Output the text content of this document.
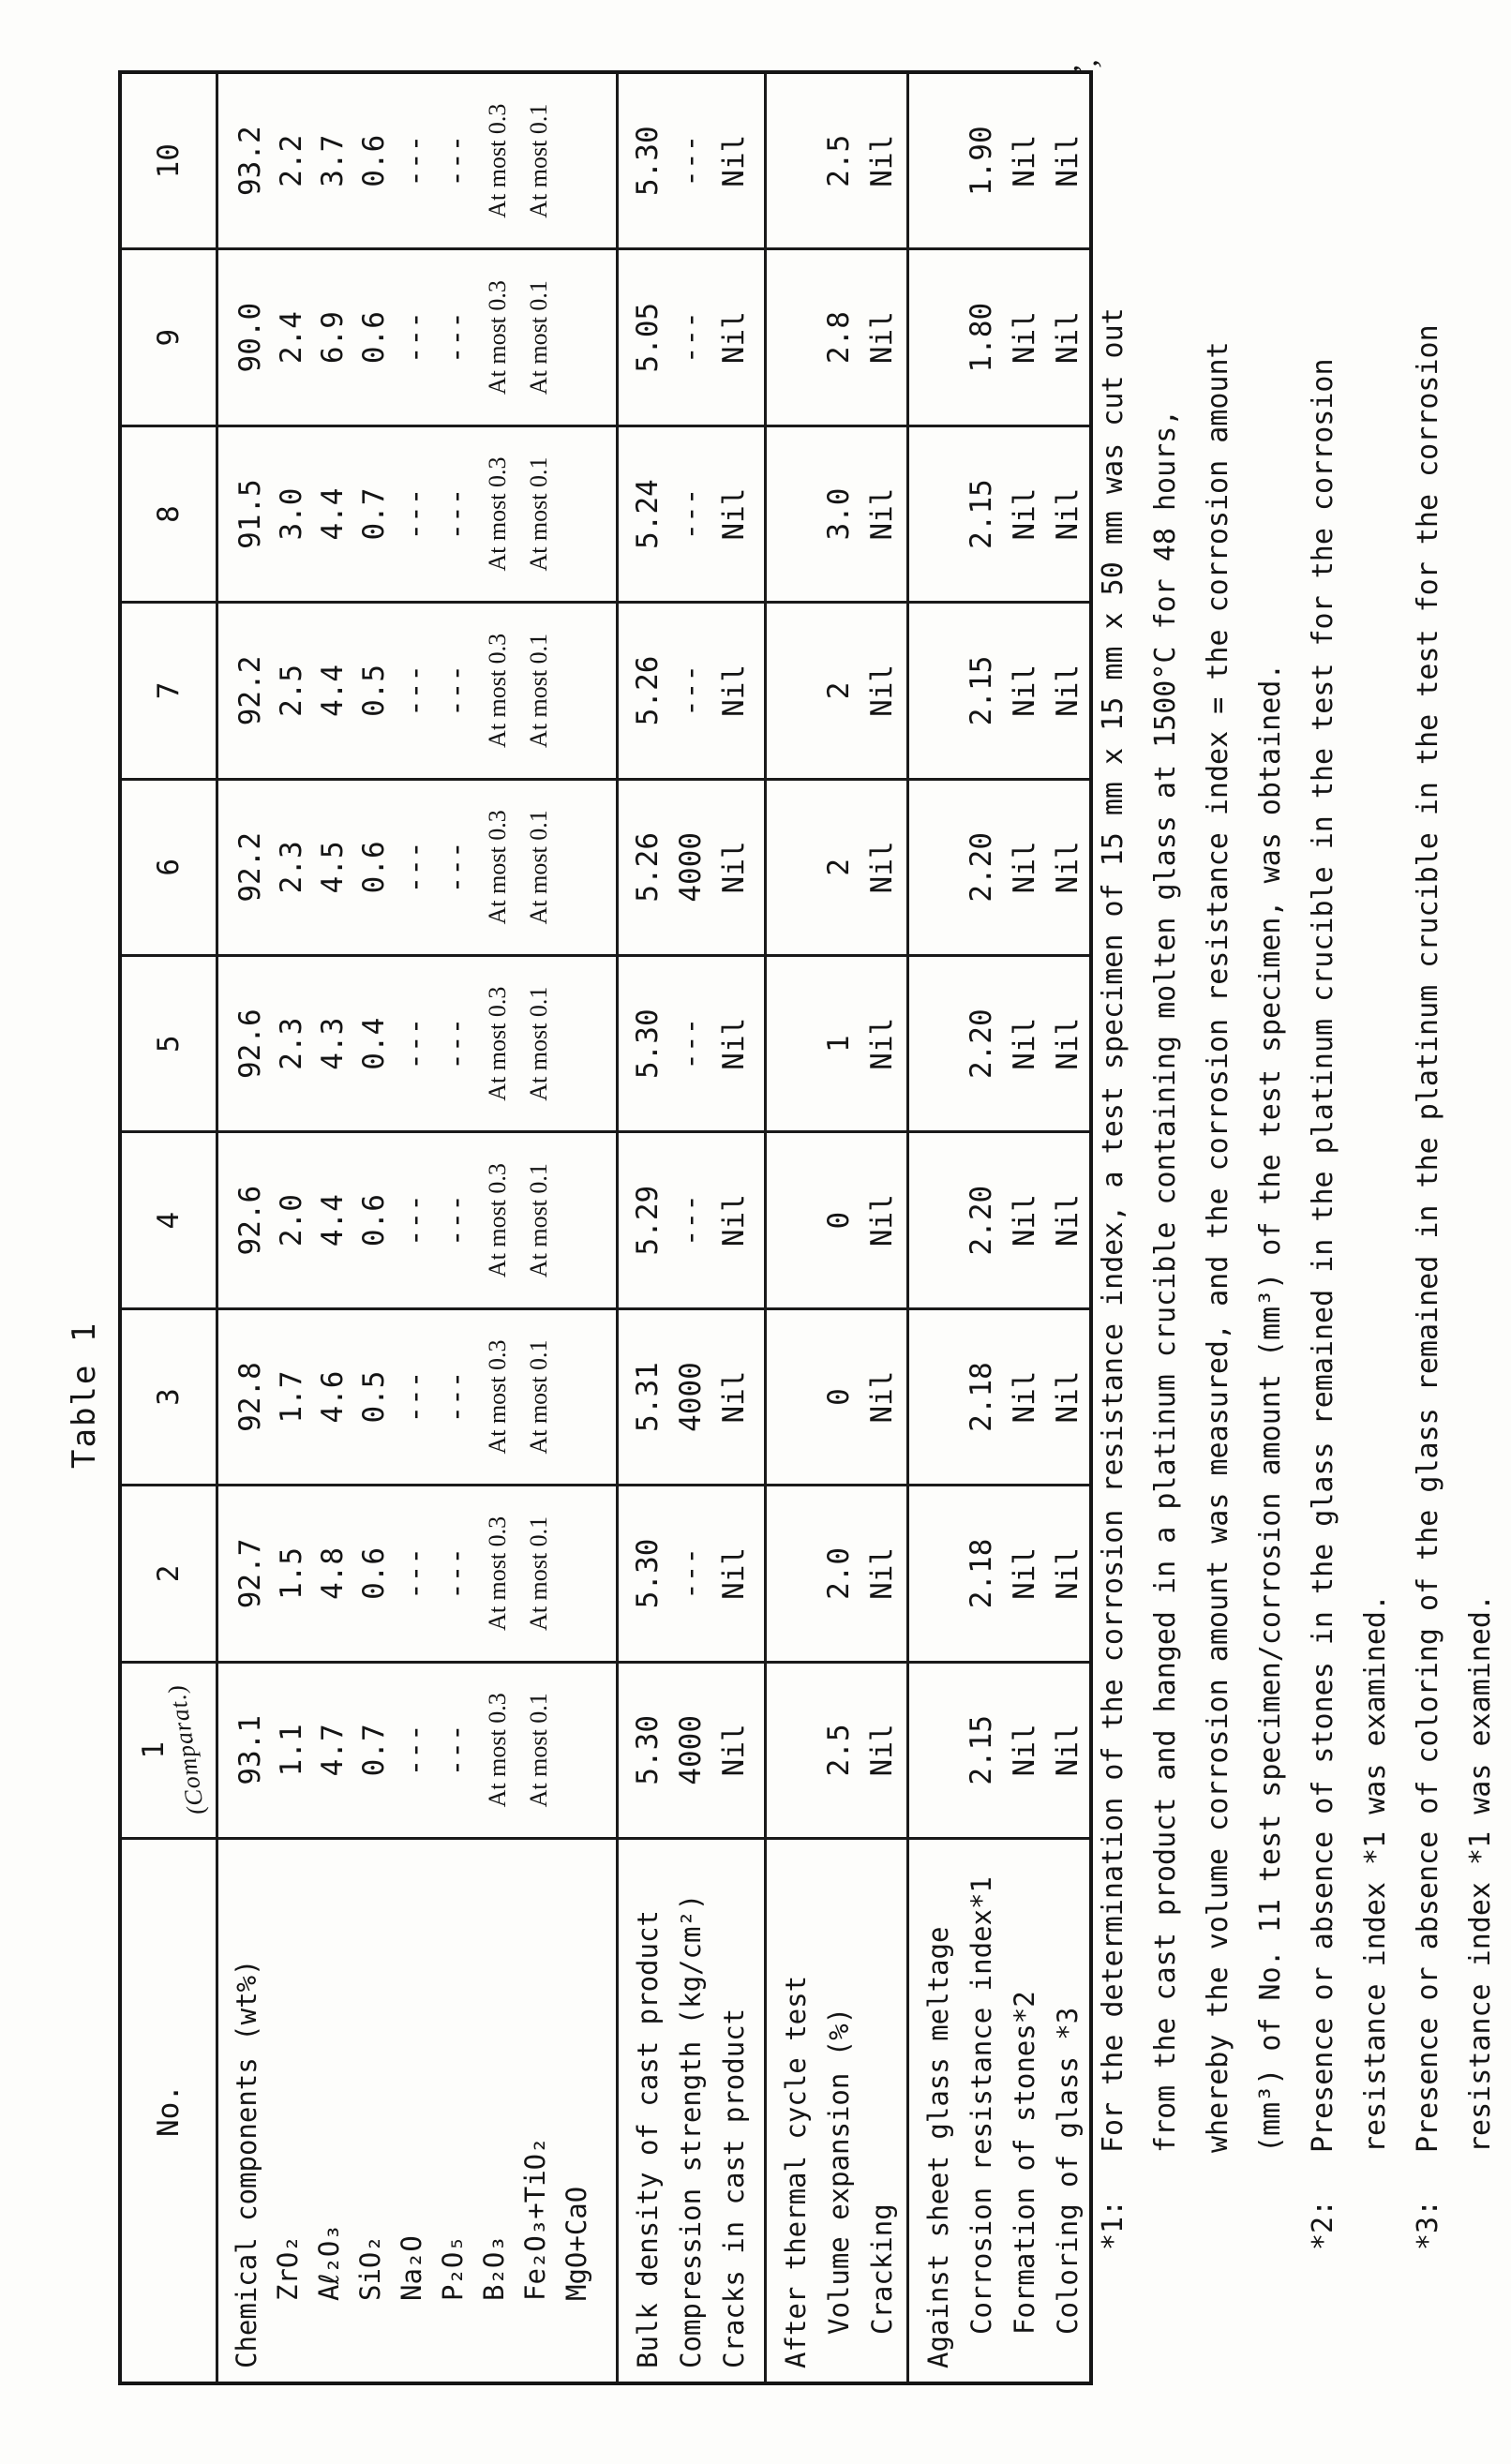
Table 1
No.
1
(Comparat.)
2
3
4
5
6
7
8
9
10
Chemical components (wt%) ZrO₂ Aℓ₂O₃ SiO₂ Na₂O P₂O₅ B₂O₃ Fe₂O₃+TiO₂ MgO+CaO
93.1 1.1 4.7 0.7 --- --- At most 0.3 At most 0.1
92.7 1.5 4.8 0.6 --- --- At most 0.3 At most 0.1
92.8 1.7 4.6 0.5 --- --- At most 0.3 At most 0.1
92.6 2.0 4.4 0.6 --- --- At most 0.3 At most 0.1
92.6 2.3 4.3 0.4 --- --- At most 0.3 At most 0.1
92.2 2.3 4.5 0.6 --- --- At most 0.3 At most 0.1
92.2 2.5 4.4 0.5 --- --- At most 0.3 At most 0.1
91.5 3.0 4.4 0.7 --- --- At most 0.3 At most 0.1
90.0 2.4 6.9 0.6 --- --- At most 0.3 At most 0.1
93.2 2.2 3.7 0.6 --- --- At most 0.3 At most 0.1
Bulk density of cast product Compression strength (kg/cm²) Cracks in cast product
5.30 4000 Nil
5.30 --- Nil
5.31 4000 Nil
5.29 --- Nil
5.30 --- Nil
5.26 4000 Nil
5.26 --- Nil
5.24 --- Nil
5.05 --- Nil
5.30 --- Nil
After thermal cycle test Volume expansion (%) Cracking
2.5 Nil
2.0 Nil
0 Nil
0 Nil
1 Nil
2 Nil
2 Nil
3.0 Nil
2.8 Nil
2.5 Nil
Against sheet glass meltage Corrosion resistance index*1 Formation of stones*2 Coloring of glass *3
2.15 Nil Nil
2.18 Nil Nil
2.18 Nil Nil
2.20 Nil Nil
2.20 Nil Nil
2.20 Nil Nil
2.15 Nil Nil
2.15 Nil Nil
1.80 Nil Nil
1.90 Nil Nil
*1:
For the determination of the corrosion resistance index, a test specimen of 15 mm x 15 mm x 50 mm was cut out from the cast product and hanged in a platinum crucible containing molten glass at 1500°C for 48 hours, whereby the volume corrosion amount was measured, and the corrosion resistance index = the corrosion amount (mm³) of No. 11 test specimen/corrosion amount (mm³) of the test specimen, was obtained.
*2:
Presence or absence of stones in the glass remained in the platinum crucible in the test for the corrosion resistance index *1 was examined.
*3:
Presence or absence of coloring of the glass remained in the platinum crucible in the test for the corrosion resistance index *1 was examined.
’,
